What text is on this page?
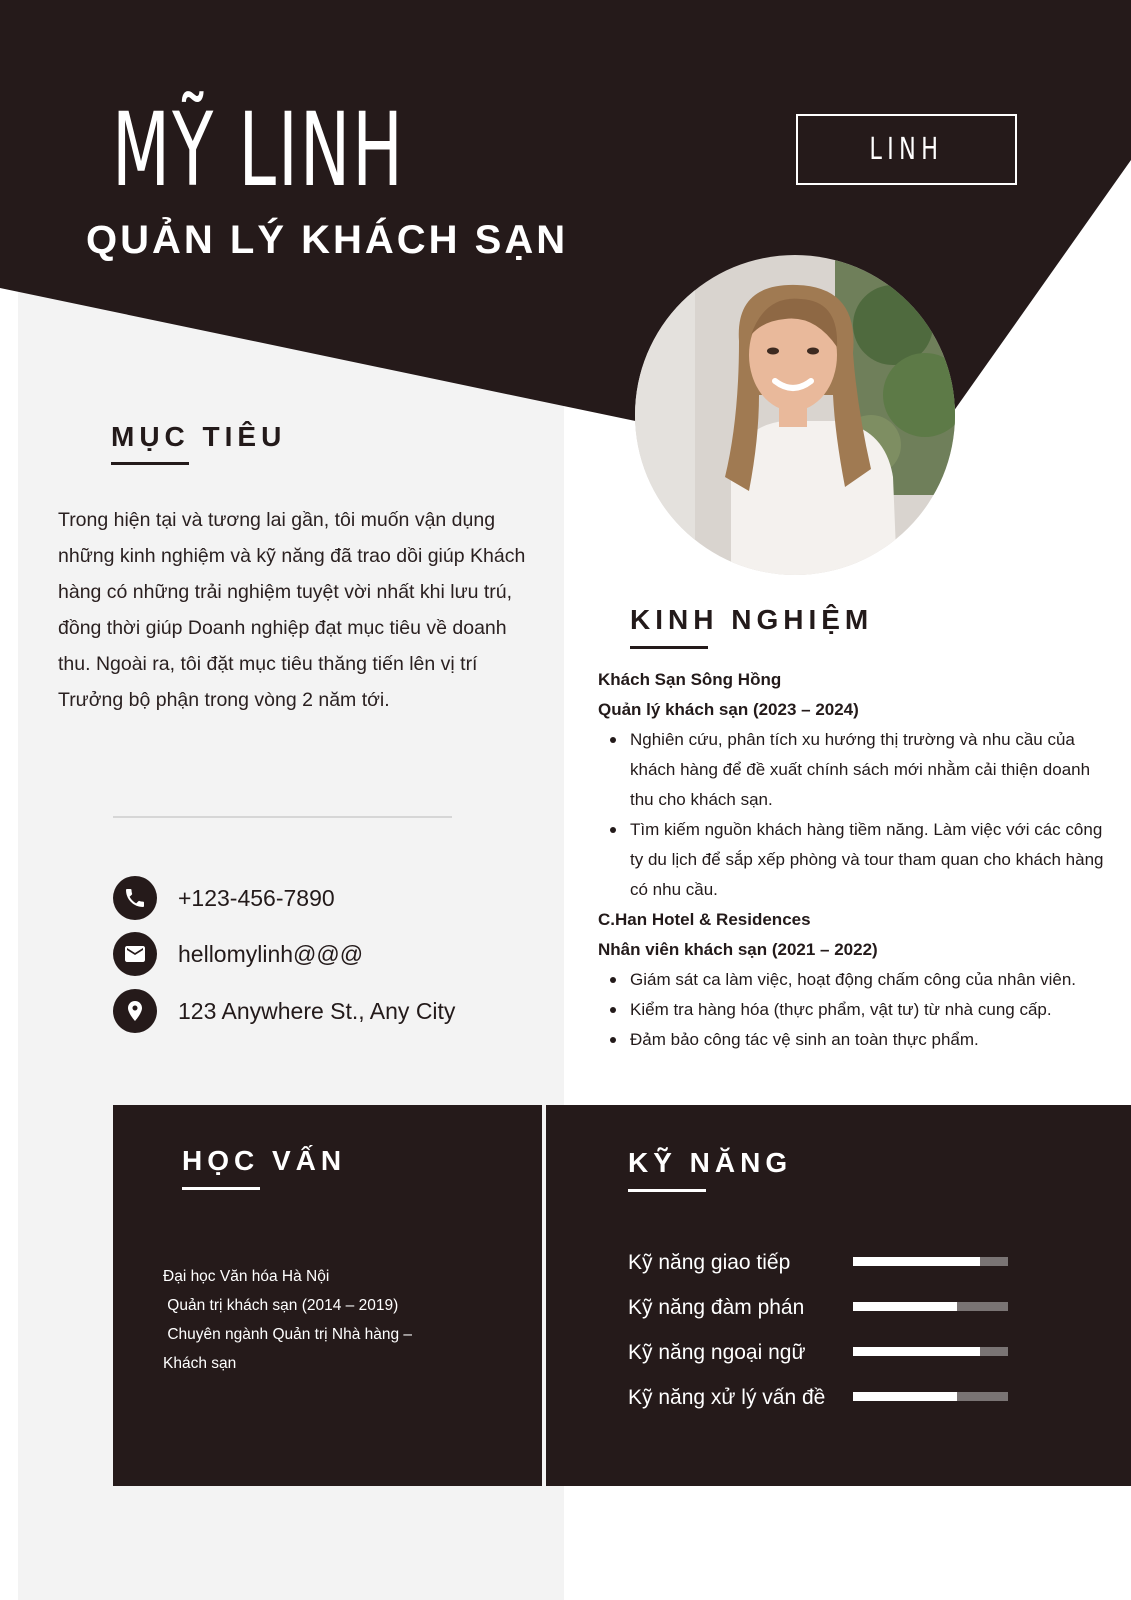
MỸ LINH
QUẢN LÝ KHÁCH SẠN
LINH
MỤC TIÊU
Trong hiện tại và tương lai gần, tôi muốn vận dụng những kinh nghiệm và kỹ năng đã trao dồi giúp Khách hàng có những trải nghiệm tuyệt vời nhất khi lưu trú, đồng thời giúp Doanh nghiệp đạt mục tiêu về doanh thu. Ngoài ra, tôi đặt mục tiêu thăng tiến lên vị trí Trưởng bộ phận trong vòng 2 năm tới.
+123-456-7890
hellomylinh@@@
123 Anywhere St., Any City
KINH NGHIỆM
Khách Sạn Sông Hồng
Quản lý khách sạn (2023 – 2024)
Nghiên cứu, phân tích xu hướng thị trường và nhu cầu của khách hàng để đề xuất chính sách mới nhằm cải thiện doanh thu cho khách sạn.
Tìm kiếm nguồn khách hàng tiềm năng. Làm việc với các công ty du lịch để sắp xếp phòng và tour tham quan cho khách hàng có nhu cầu.
C.Han Hotel & Residences
Nhân viên khách sạn (2021 – 2022)
Giám sát ca làm việc, hoạt động chấm công của nhân viên.
Kiểm tra hàng hóa (thực phẩm, vật tư) từ nhà cung cấp.
Đảm bảo công tác vệ sinh an toàn thực phẩm.
HỌC VẤN
Đại học Văn hóa Hà Nội
Quản trị khách sạn (2014 – 2019)
Chuyên ngành Quản trị Nhà hàng – Khách sạn
KỸ NĂNG
Kỹ năng giao tiếp
Kỹ năng đàm phán
Kỹ năng ngoại ngữ
Kỹ năng xử lý vấn đề
